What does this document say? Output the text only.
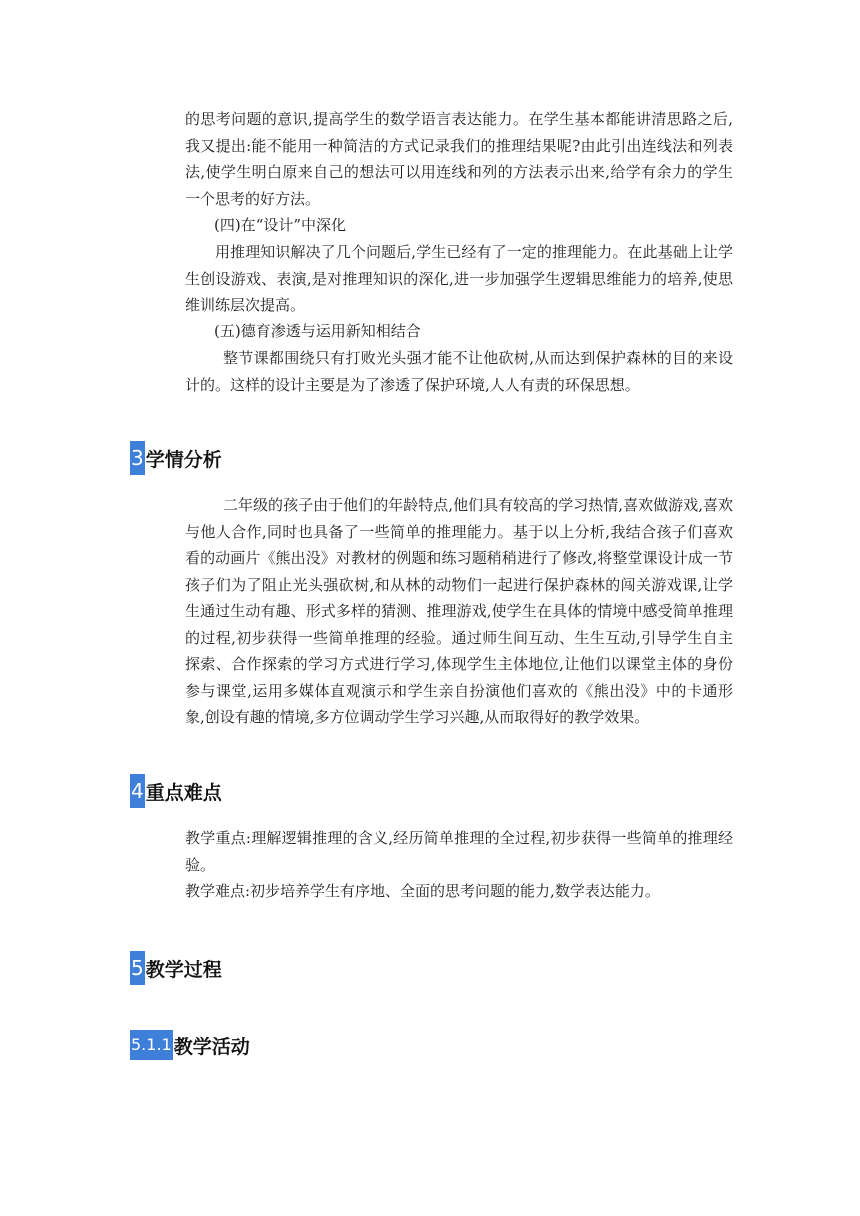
的思考问题的意识,提高学生的数学语言表达能力。在学生基本都能讲清思路之后,我又提出:能不能用一种简洁的方式记录我们的推理结果呢?由此引出连线法和列表法,使学生明白原来自己的想法可以用连线和列的方法表示出来,给学有余力的学生一个思考的好方法。

(四)在“设计”中深化

用推理知识解决了几个问题后,学生已经有了一定的推理能力。在此基础上让学生创设游戏、表演,是对推理知识的深化,进一步加强学生逻辑思维能力的培养,使思维训练层次提高。

(五)德育渗透与运用新知相结合

整节课都围绕只有打败光头强才能不让他砍树,从而达到保护森林的目的来设计的。这样的设计主要是为了渗透了保护环境,人人有责的环保思想。

3 学情分析

二年级的孩子由于他们的年龄特点,他们具有较高的学习热情,喜欢做游戏,喜欢与他人合作,同时也具备了一些简单的推理能力。基于以上分析,我结合孩子们喜欢看的动画片《熊出没》对教材的例题和练习题稍稍进行了修改,将整堂课设计成一节孩子们为了阻止光头强砍树,和从林的动物们一起进行保护森林的闯关游戏课,让学生通过生动有趣、形式多样的猜测、推理游戏,使学生在具体的情境中感受简单推理的过程,初步获得一些简单推理的经验。通过师生间互动、生生互动,引导学生自主探索、合作探索的学习方式进行学习,体现学生主体地位,让他们以课堂主体的身份参与课堂,运用多媒体直观演示和学生亲自扮演他们喜欢的《熊出没》中的卡通形象,创设有趣的情境,多方位调动学生学习兴趣,从而取得好的教学效果。

4 重点难点

教学重点:理解逻辑推理的含义,经历简单推理的全过程,初步获得一些简单的推理经验。

教学难点:初步培养学生有序地、全面的思考问题的能力,数学表达能力。

5 教学过程
5.1.1 教学活动
